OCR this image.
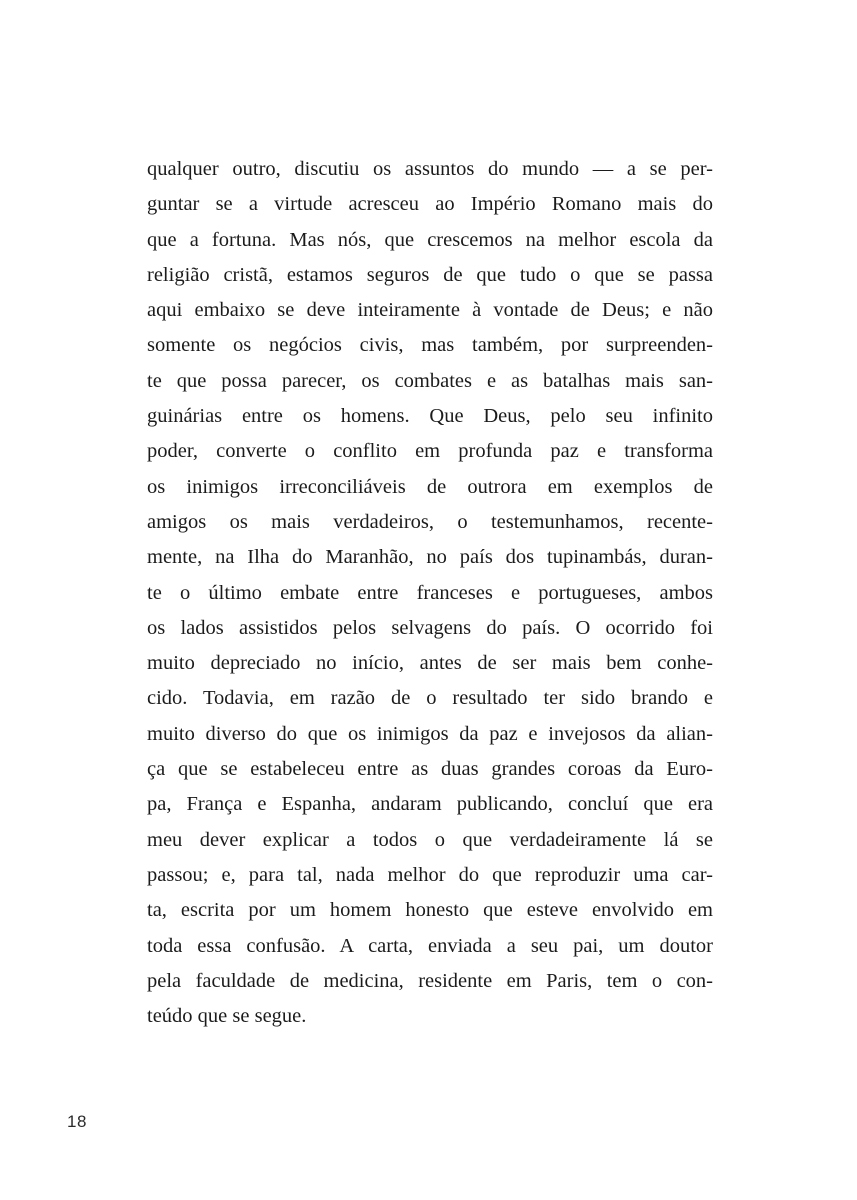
qualquer outro, discutiu os assuntos do mundo — a se per-
guntar se a virtude acresceu ao Império Romano mais do
que a fortuna. Mas nós, que crescemos na melhor escola da
religião cristã, estamos seguros de que tudo o que se passa
aqui embaixo se deve inteiramente à vontade de Deus; e não
somente os negócios civis, mas também, por surpreenden-
te que possa parecer, os combates e as batalhas mais san-
guinárias entre os homens. Que Deus, pelo seu infinito
poder, converte o conflito em profunda paz e transforma
os inimigos irreconciliáveis de outrora em exemplos de
amigos os mais verdadeiros, o testemunhamos, recente-
mente, na Ilha do Maranhão, no país dos tupinambás, duran-
te o último embate entre franceses e portugueses, ambos
os lados assistidos pelos selvagens do país. O ocorrido foi
muito depreciado no início, antes de ser mais bem conhe-
cido. Todavia, em razão de o resultado ter sido brando e
muito diverso do que os inimigos da paz e invejosos da alian-
ça que se estabeleceu entre as duas grandes coroas da Euro-
pa, França e Espanha, andaram publicando, concluí que era
meu dever explicar a todos o que verdadeiramente lá se
passou; e, para tal, nada melhor do que reproduzir uma car-
ta, escrita por um homem honesto que esteve envolvido em
toda essa confusão. A carta, enviada a seu pai, um doutor
pela faculdade de medicina, residente em Paris, tem o con-
teúdo que se segue.
18
